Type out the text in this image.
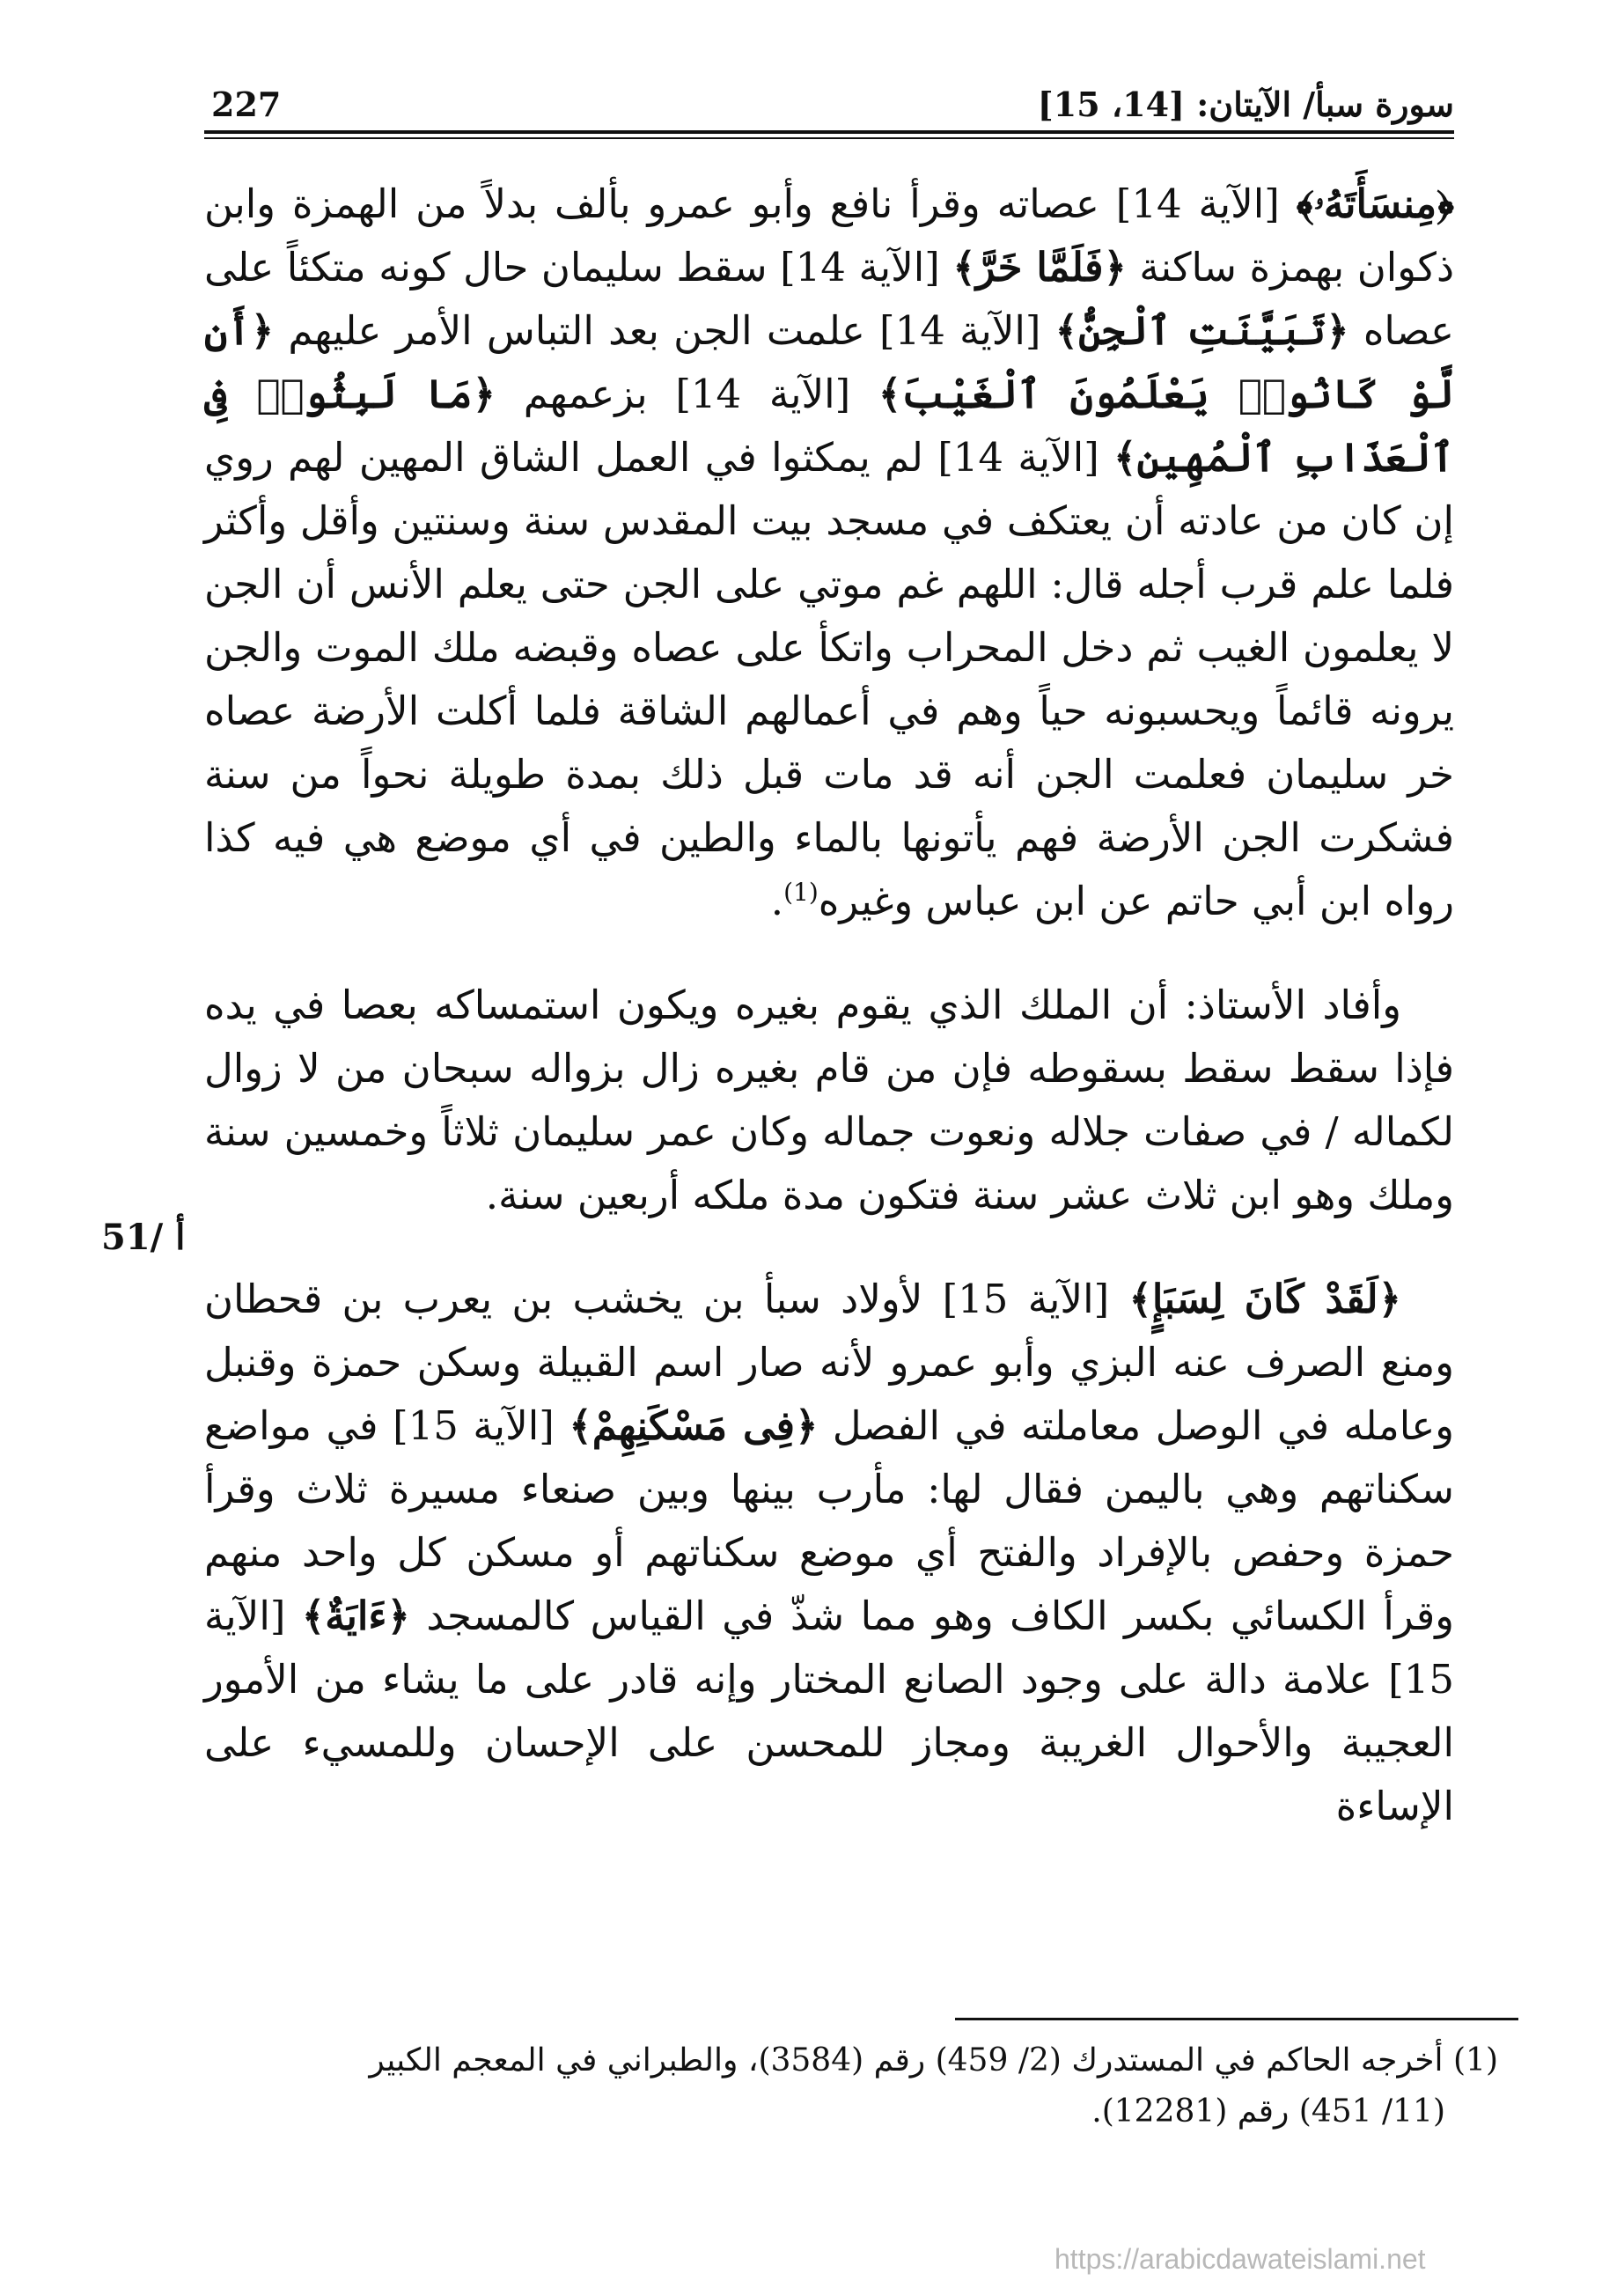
سورة سبأ/ الآيتان: [14، 15]
227

﴿مِنسَأَتَهُۥ﴾ [الآية 14] عصاته وقرأ نافع وأبو عمرو بألف بدلاً من الهمزة وابن ذكوان بهمزة ساكنة ﴿فَلَمَّا خَرَّ﴾ [الآية 14] سقط سليمان حال كونه متكئاً على عصاه ﴿تَبَيَّنَتِ ٱلْجِنُّ﴾ [الآية 14] علمت الجن بعد التباس الأمر عليهم ﴿أَن لَّوْ كَانُوا۟ يَعْلَمُونَ ٱلْغَيْبَ﴾ [الآية 14] بزعمهم ﴿مَا لَبِثُوا۟ فِى ٱلْعَذَابِ ٱلْمُهِينِ﴾ [الآية 14] لم يمكثوا في العمل الشاق المهين لهم روي إن كان من عادته أن يعتكف في مسجد بيت المقدس سنة وسنتين وأقل وأكثر فلما علم قرب أجله قال: اللهم غم موتي على الجن حتى يعلم الأنس أن الجن لا يعلمون الغيب ثم دخل المحراب واتكأ على عصاه وقبضه ملك الموت والجن يرونه قائماً ويحسبونه حياً وهم في أعمالهم الشاقة فلما أكلت الأرضة عصاه خر سليمان فعلمت الجن أنه قد مات قبل ذلك بمدة طويلة نحواً من سنة فشكرت الجن الأرضة فهم يأتونها بالماء والطين في أي موضع هي فيه كذا رواه ابن أبي حاتم عن ابن عباس وغيره$^{(1)}$.

وأفاد الأستاذ: أن الملك الذي يقوم بغيره ويكون استمساكه بعصا في يده فإذا سقط سقط بسقوطه فإن من قام بغيره زال بزواله سبحان من لا زوال لكماله / في صفات جلاله ونعوت جماله وكان عمر سليمان ثلاثاً وخمسين سنة وملك وهو ابن ثلاث عشر سنة فتكون مدة ملكه أربعين سنة.

﴿لَقَدْ كَانَ لِسَبَإٍ﴾ [الآية 15] لأولاد سبأ بن يخشب بن يعرب بن قحطان ومنع الصرف عنه البزي وأبو عمرو لأنه صار اسم القبيلة وسكن حمزة وقنبل وعامله في الوصل معاملته في الفصل ﴿فِى مَسْكَنِهِمْ﴾ [الآية 15] في مواضع سكناتهم وهي باليمن فقال لها: مأرب بينها وبين صنعاء مسيرة ثلاث وقرأ حمزة وحفص بالإفراد والفتح أي موضع سكناتهم أو مسكن كل واحد منهم وقرأ الكسائي بكسر الكاف وهو مما شذّ في القياس كالمسجد ﴿ءَايَةٌ﴾ [الآية 15] علامة دالة على وجود الصانع المختار وإنه قادر على ما يشاء من الأمور العجيبة والأحوال الغريبة ومجاز للمحسن على الإحسان وللمسيء على الإساءة

51/ أ
(1) أخرجه الحاكم في المستدرك (2/ 459) رقم (3584)، والطبراني في المعجم الكبير
(11/ 451) رقم (12281).
https://arabicdawateislami.net
